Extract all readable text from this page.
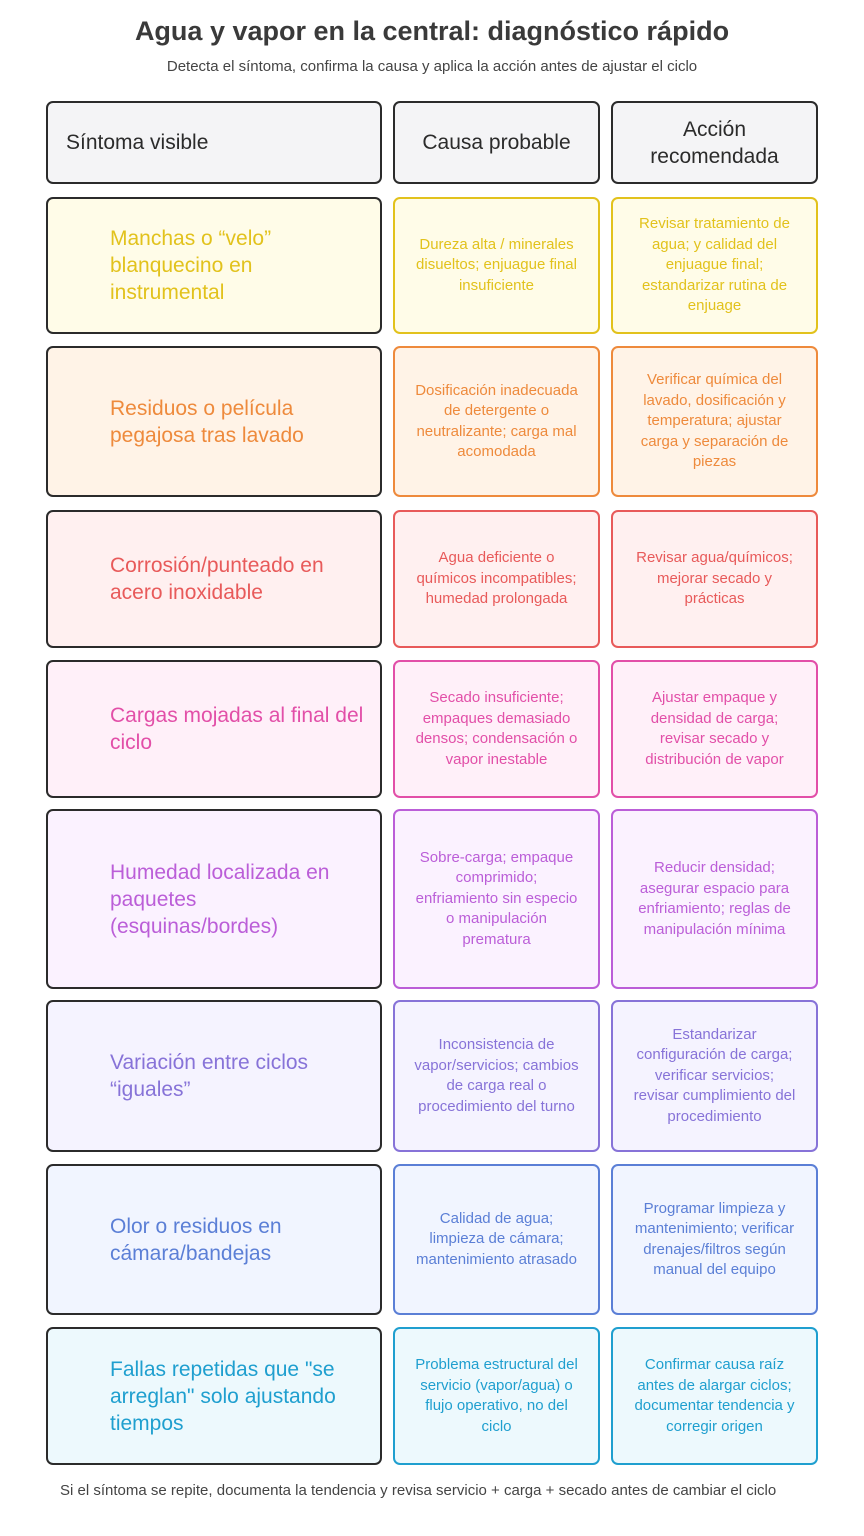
Agua y vapor en la central: diagnóstico rápido
Detecta el síntoma, confirma la causa y aplica la acción antes de ajustar el ciclo
Síntoma visible	Causa probable
Acción recomendada
Manchas o “velo” blanquecino en instrumental
Dureza alta / minerales disueltos; enjuague final insuficiente
Revisar tratamiento de agua; y calidad del enjuague final; estandarizar rutina de enjuage
Residuos o película pegajosa tras lavado
Dosificación inadecuada de detergente o neutralizante; carga mal acomodada
Verificar química del lavado, dosificación y temperatura; ajustar carga y separación de piezas
Corrosión/punteado en acero inoxidable
Agua deficiente o químicos incompatibles; humedad prolongada
Revisar agua/químicos; mejorar secado y prácticas
Cargas mojadas al final del ciclo
Secado insuficiente; empaques demasiado densos; condensación o vapor inestable
Ajustar empaque y densidad de carga; revisar secado y distribución de vapor
Humedad localizada en paquetes (esquinas/bordes)
Sobre-carga; empaque comprimido; enfriamiento sin especio o manipulación prematura
Reducir densidad; asegurar espacio para enfriamiento; reglas de manipulación mínima
Variación entre ciclos “iguales”
Inconsistencia de vapor/servicios; cambios de carga real o procedimiento del turno
Estandarizar configuración de carga; verificar servicios; revisar cumplimiento del procedimiento
Olor o residuos en cámara/bandejas
Calidad de agua; limpieza de cámara; mantenimiento atrasado
Programar limpieza y mantenimiento; verificar drenajes/filtros según manual del equipo
Fallas repetidas que "se arreglan" solo ajustando tiempos
Problema estructural del servicio (vapor/agua) o flujo operativo, no del ciclo
Confirmar causa raíz antes de alargar ciclos; documentar tendencia y corregir origen
Si el síntoma se repite, documenta la tendencia y revisa servicio + carga + secado antes de cambiar el ciclo
